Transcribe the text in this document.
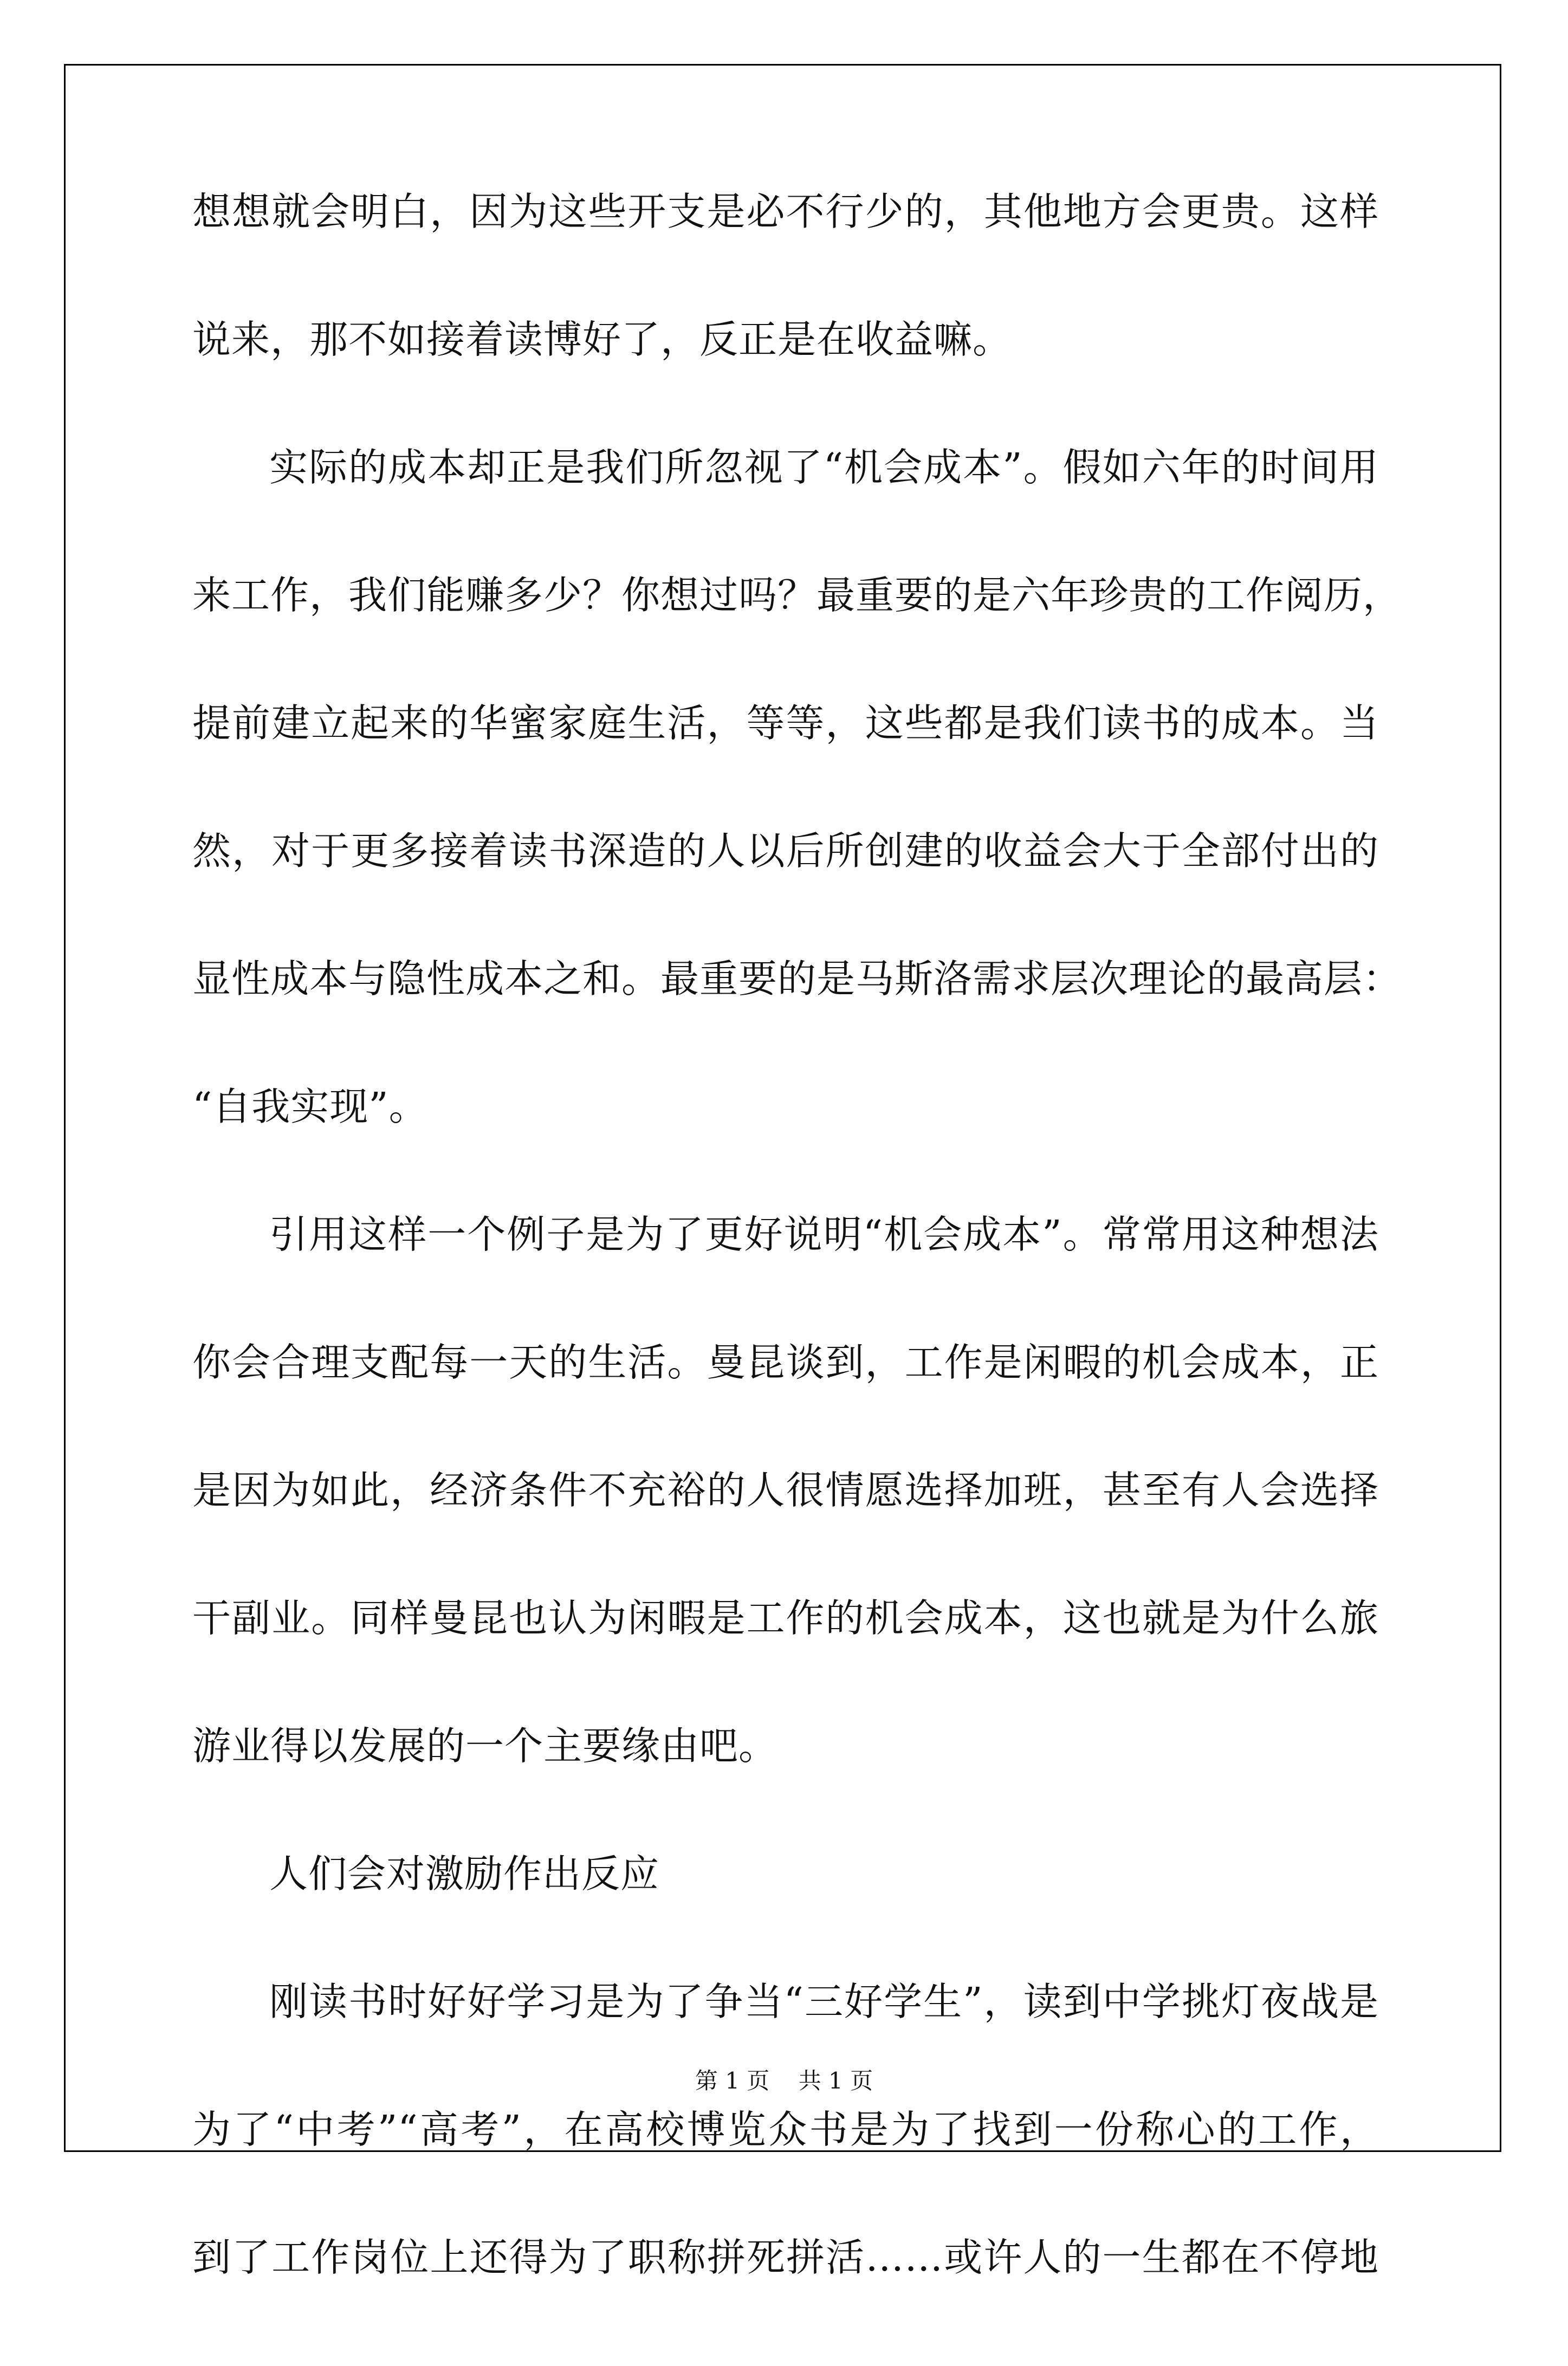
想想就会明白，因为这些开支是必不行少的，其他地方会更贵。这样
说来，那不如接着读博好了，反正是在收益嘛。
实际的成本却正是我们所忽视了“机会成本”。假如六年的时间用
来工作，我们能赚多少？你想过吗？最重要的是六年珍贵的工作阅历，
提前建立起来的华蜜家庭生活，等等，这些都是我们读书的成本。当
然，对于更多接着读书深造的人以后所创建的收益会大于全部付出的
显性成本与隐性成本之和。最重要的是马斯洛需求层次理论的最高层：
“自我实现”。
引用这样一个例子是为了更好说明“机会成本”。常常用这种想法
你会合理支配每一天的生活。曼昆谈到，工作是闲暇的机会成本，正
是因为如此，经济条件不充裕的人很情愿选择加班，甚至有人会选择
干副业。同样曼昆也认为闲暇是工作的机会成本，这也就是为什么旅
游业得以发展的一个主要缘由吧。
人们会对激励作出反应
刚读书时好好学习是为了争当“三好学生”，读到中学挑灯夜战是
为了“中考”“高考”，在高校博览众书是为了找到一份称心的工作，
到了工作岗位上还得为了职称拼死拼活……或许人的一生都在不停地
第 1 页    共 1 页
